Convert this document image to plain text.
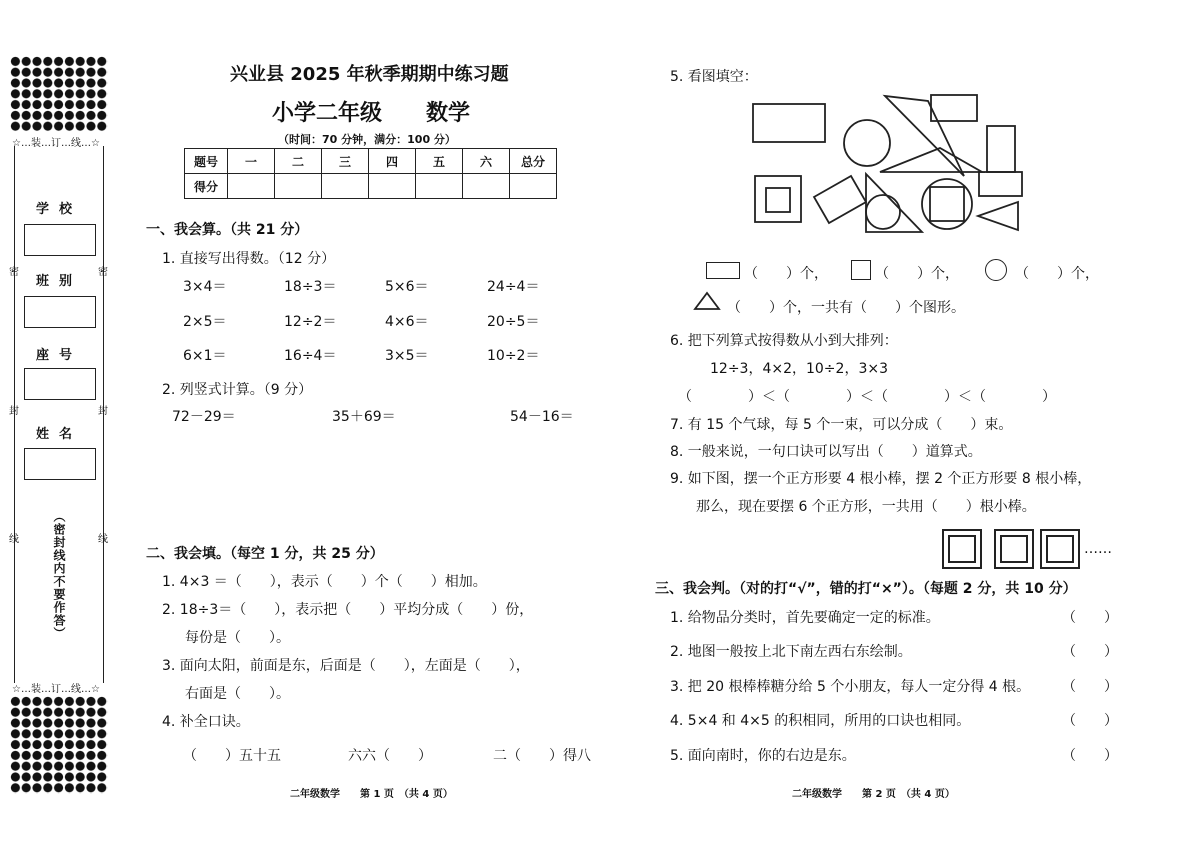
☆…装…订…线…☆
☆…装…订…线…☆
学校
班别
座号
姓名
密	密
封	封
线	线
（密封线内不要作答）
兴业县 2025 年秋季期期中练习题
小学二年级　　数学
（时间：70 分钟，满分：100 分）
题号	一	二	三	四	五	六	总分
得分							
一、我会算。（共 21 分）
1. 直接写出得数。（12 分）
3×4＝	18÷3＝	5×6＝	24÷4＝
2×5＝	12÷2＝	4×6＝	20÷5＝
6×1＝	16÷4＝	3×5＝	10÷2＝
2. 列竖式计算。（9 分）
72－29＝	35＋69＝	54－16＝
二、我会填。（每空 1 分，共 25 分）
1. 4×3 ＝（　　），表示（　　）个（　　）相加。
2. 18÷3＝（　　），表示把（　　）平均分成（　　）份，
每份是（　　）。
3. 面向太阳，前面是东，后面是（　　），左面是（　　），
右面是（　　）。
4. 补全口诀。
（　　）五十五	六六（　　）	二（　　）得八
二年级数学　　第 1 页　（共 4 页）
5. 看图填空：
（　　）个，	（　　）个，	（　　）个，
（　　）个，一共有（　　）个图形。
6. 把下列算式按得数从小到大排列：
12÷3，4×2，10÷2，3×3
（　　　　）＜（　　　　）＜（　　　　）＜（　　　　）
7. 有 15 个气球，每 5 个一束，可以分成（　　）束。
8. 一般来说，一句口诀可以写出（　　）道算式。
9. 如下图，摆一个正方形要 4 根小棒，摆 2 个正方形要 8 根小棒，
那么，现在要摆 6 个正方形，一共用（　　）根小棒。
……
三、我会判。（对的打“√”，错的打“×”）。（每题 2 分，共 10 分）
1. 给物品分类时，首先要确定一定的标准。	（　　）
2. 地图一般按上北下南左西右东绘制。	（　　）
3. 把 20 根棒棒糖分给 5 个小朋友，每人一定分得 4 根。 （　　）
4. 5×4 和 4×5 的积相同，所用的口诀也相同。	（　　）
5. 面向南时，你的右边是东。	（　　）
二年级数学　　第 2 页　（共 4 页）
